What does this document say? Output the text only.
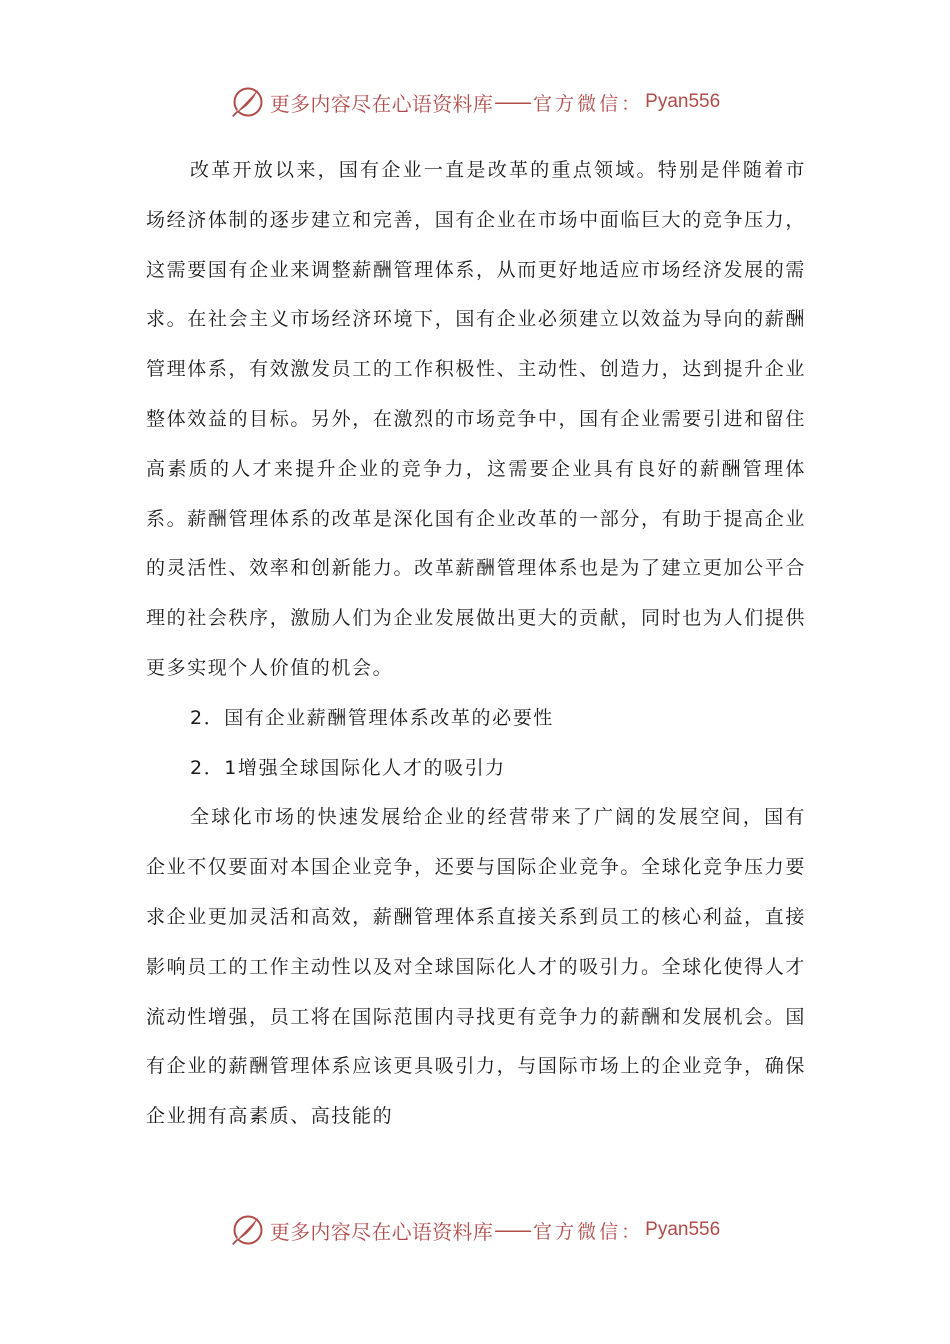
更多内容尽在心语资料库 —— 官方微信： Pyan556

改革开放以来，国有企业一直是改革的重点领域。特别是伴随着市场经济体制的逐步建立和完善，国有企业在市场中面临巨大的竞争压力，这需要国有企业来调整薪酬管理体系，从而更好地适应市场经济发展的需求。在社会主义市场经济环境下，国有企业必须建立以效益为导向的薪酬管理体系，有效激发员工的工作积极性、主动性、创造力，达到提升企业整体效益的目标。另外，在激烈的市场竞争中，国有企业需要引进和留住高素质的人才来提升企业的竞争力，这需要企业具有良好的薪酬管理体系。薪酬管理体系的改革是深化国有企业改革的一部分，有助于提高企业的灵活性、效率和创新能力。改革薪酬管理体系也是为了建立更加公平合理的社会秩序，激励人们为企业发展做出更大的贡献，同时也为人们提供更多实现个人价值的机会。

2．国有企业薪酬管理体系改革的必要性

2．1增强全球国际化人才的吸引力

全球化市场的快速发展给企业的经营带来了广阔的发展空间，国有企业不仅要面对本国企业竞争，还要与国际企业竞争。全球化竞争压力要求企业更加灵活和高效，薪酬管理体系直接关系到员工的核心利益，直接影响员工的工作主动性以及对全球国际化人才的吸引力。全球化使得人才流动性增强，员工将在国际范围内寻找更有竞争力的薪酬和发展机会。国有企业的薪酬管理体系应该更具吸引力，与国际市场上的企业竞争，确保企业拥有高素质、高技能的

更多内容尽在心语资料库 —— 官方微信： Pyan556
